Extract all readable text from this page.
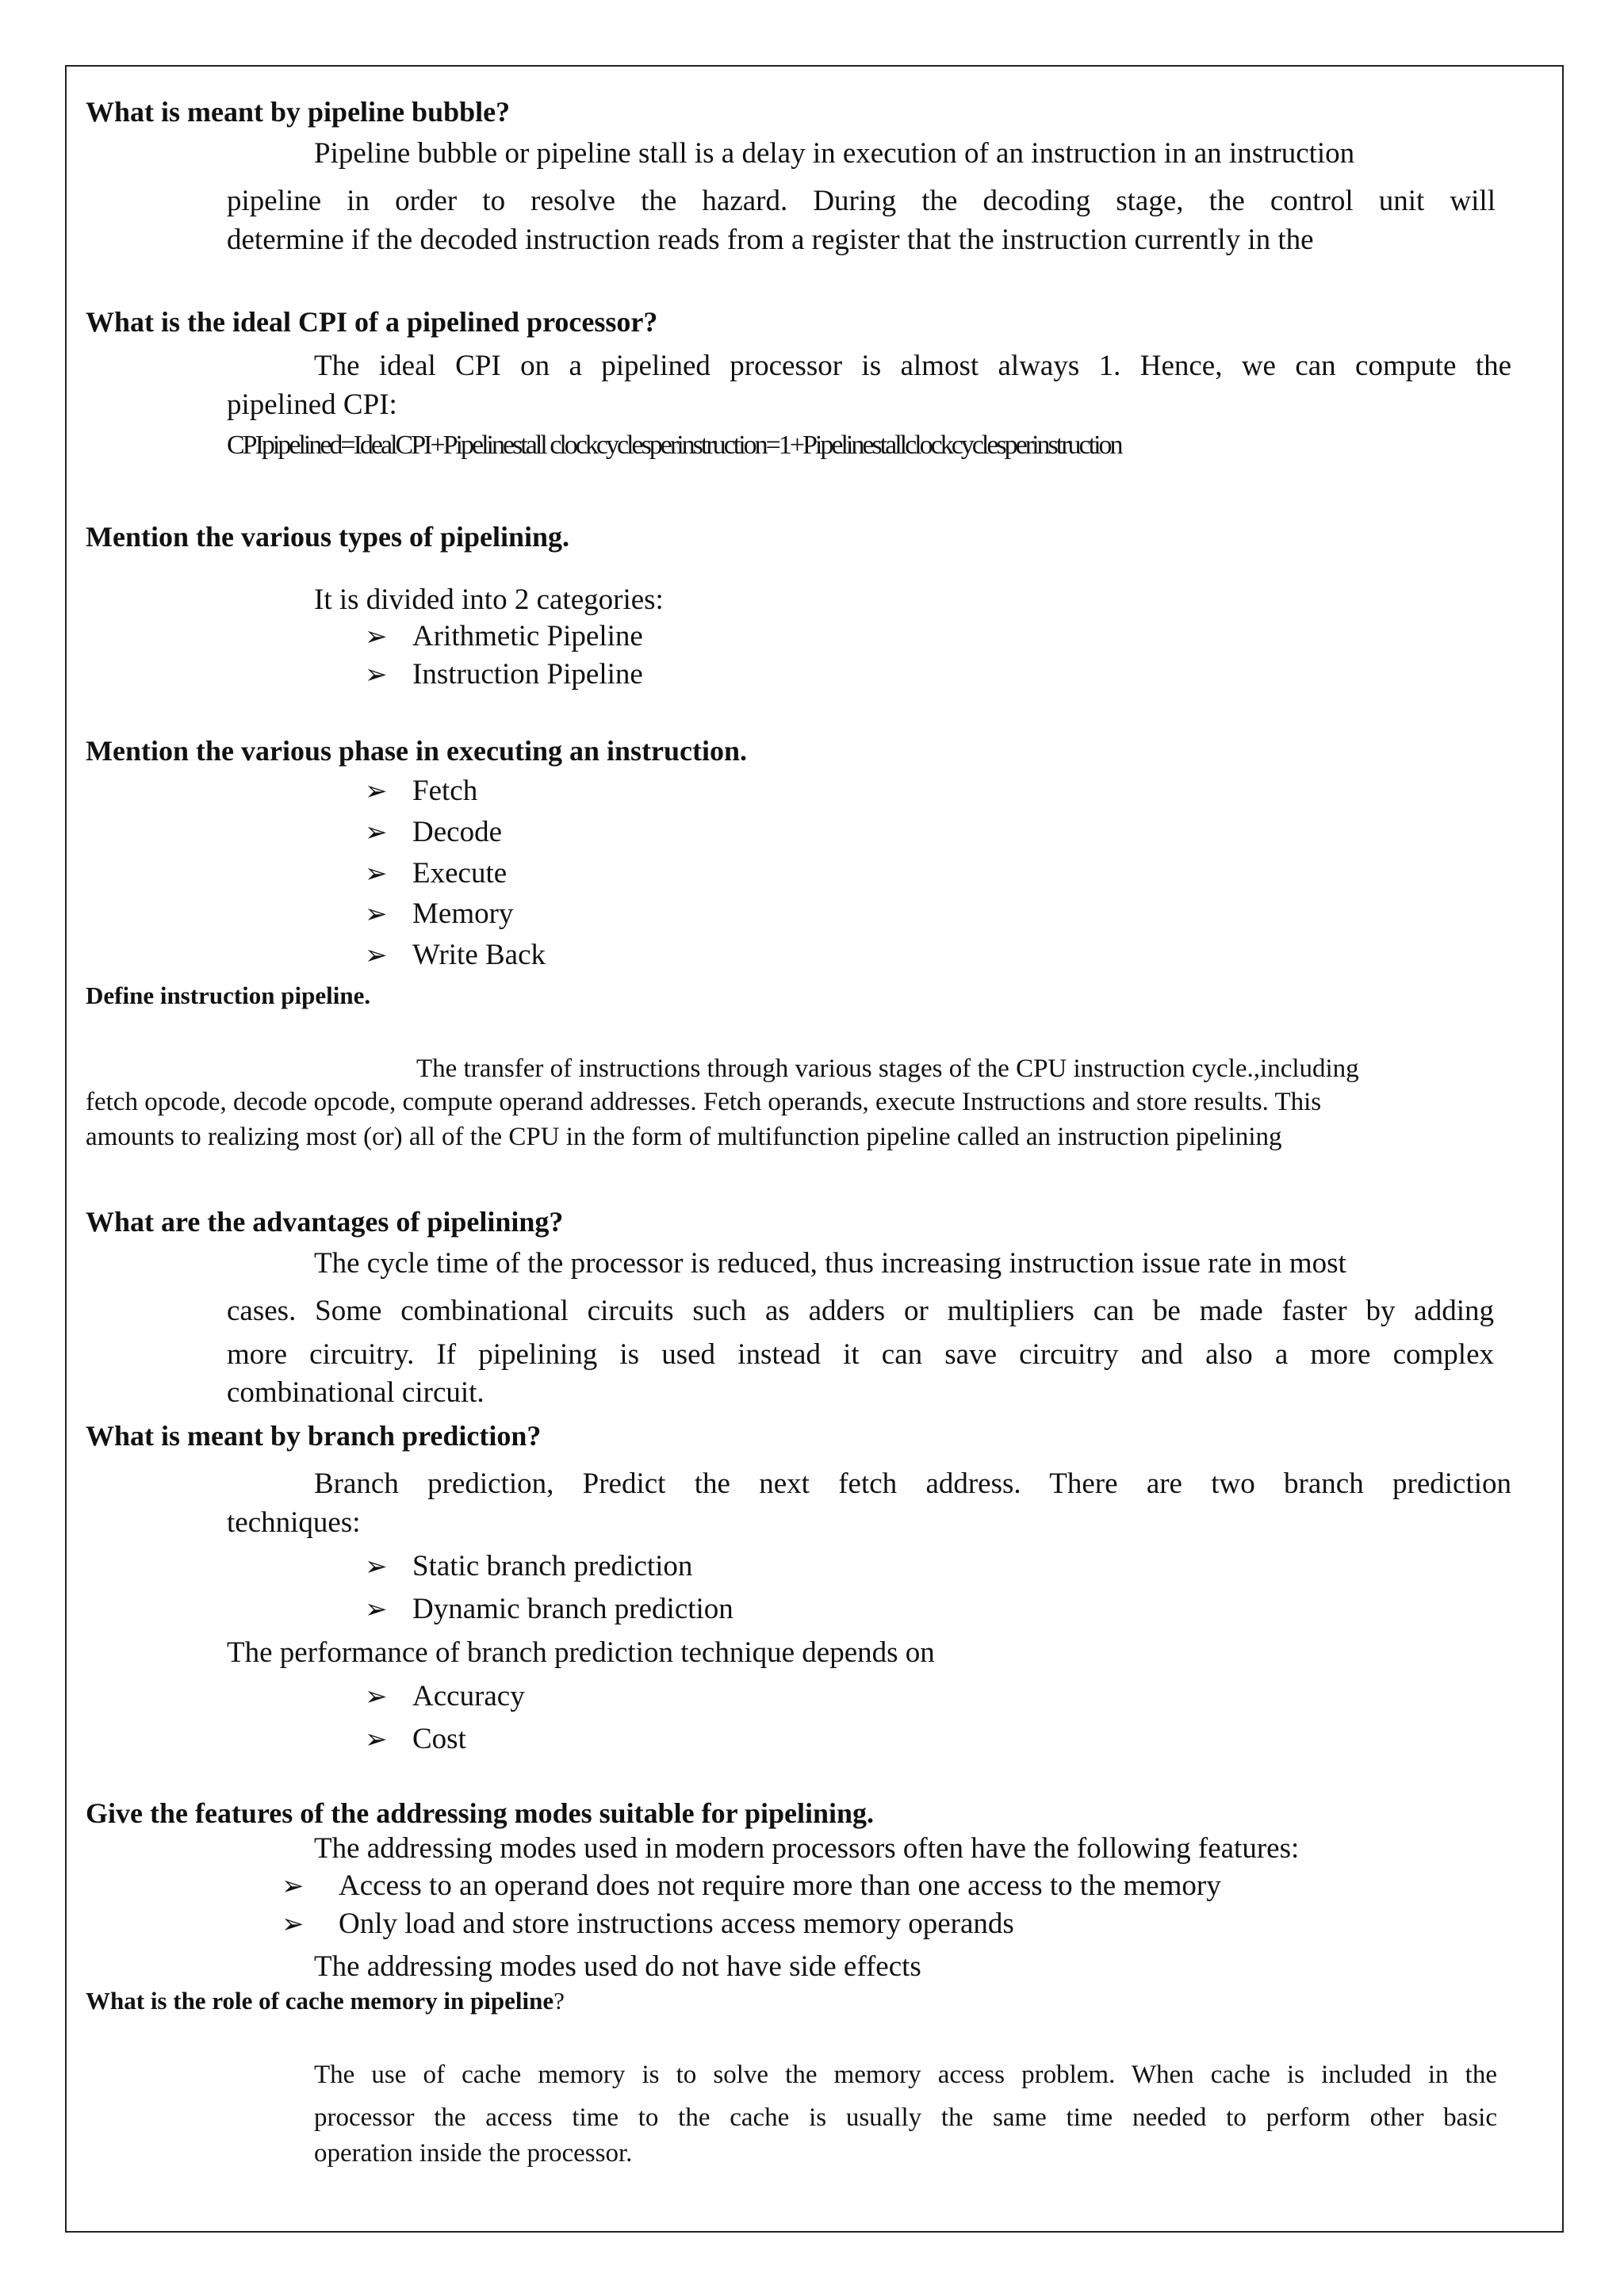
What is meant by pipeline bubble?
Pipeline bubble or pipeline stall is a delay in execution of an instruction in an instruction
pipeline in order to resolve the hazard. During the decoding stage, the control unit will
determine if the decoded instruction reads from a register that the instruction currently in the
What is the ideal CPI of a pipelined processor?
The ideal CPI on a pipelined processor is almost always 1. Hence, we can compute the
pipelined CPI:
CPIpipelined=IdealCPI+Pipelinestall clockcyclesperinstruction=1+Pipelinestallclockcyclesperinstruction
Mention the various types of pipelining.
It is divided into 2 categories:
➢ Arithmetic Pipeline
➢ Instruction Pipeline
Mention the various phase in executing an instruction.
➢ Fetch
➢ Decode
➢ Execute
➢ Memory
➢ Write Back
Define instruction pipeline.
The transfer of instructions through various stages of the CPU instruction cycle.,including
fetch opcode, decode opcode, compute operand addresses. Fetch operands, execute Instructions and store results. This
amounts to realizing most (or) all of the CPU in the form of multifunction pipeline called an instruction pipelining
What are the advantages of pipelining?
The cycle time of the processor is reduced, thus increasing instruction issue rate in most
cases. Some combinational circuits such as adders or multipliers can be made faster by adding
more circuitry. If pipelining is used instead it can save circuitry and also a more complex
combinational circuit.
What is meant by branch prediction?
Branch prediction, Predict the next fetch address. There are two branch prediction
techniques:
➢ Static branch prediction
➢ Dynamic branch prediction
The performance of branch prediction technique depends on
➢ Accuracy
➢ Cost
Give the features of the addressing modes suitable for pipelining.
The addressing modes used in modern processors often have the following features:
➢ Access to an operand does not require more than one access to the memory
➢ Only load and store instructions access memory operands
The addressing modes used do not have side effects
What is the role of cache memory in pipeline?
The use of cache memory is to solve the memory access problem. When cache is included in the
processor the access time to the cache is usually the same time needed to perform other basic
operation inside the processor.
